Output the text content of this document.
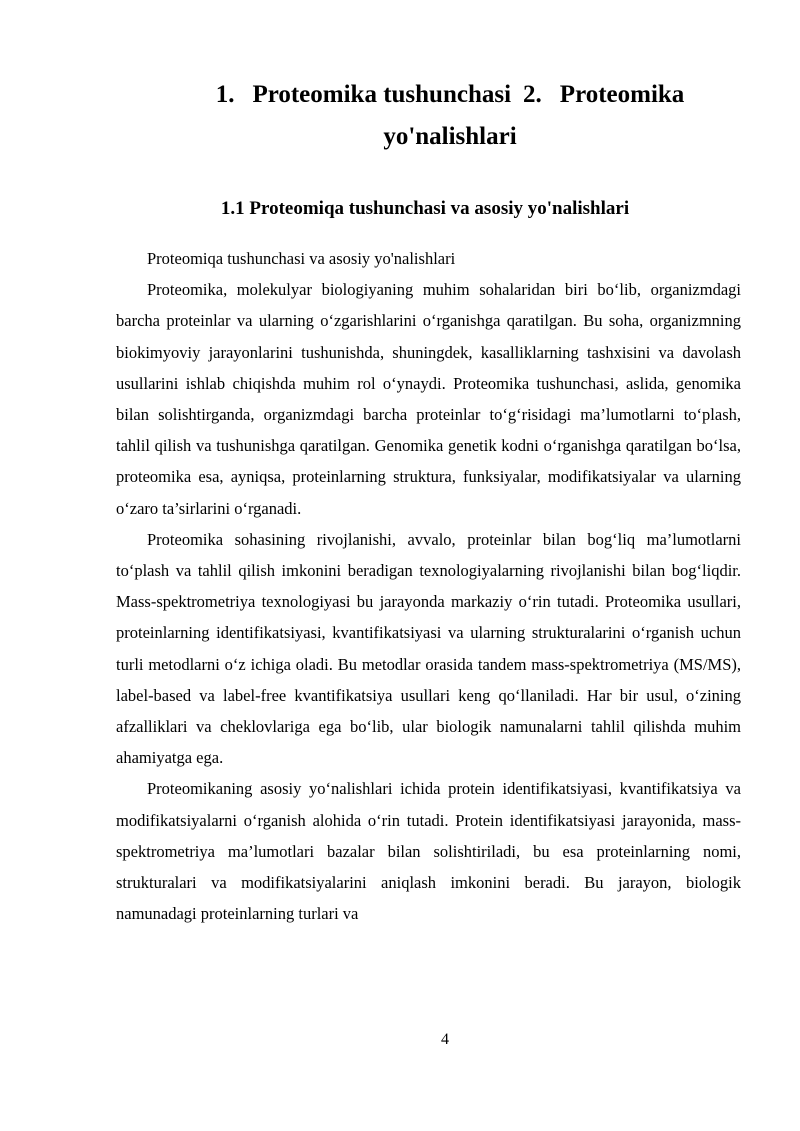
1. Proteomika tushunchasi 2. Proteomika
yo'nalishlari
1.1 Proteomiqa tushunchasi va asosiy yo'nalishlari

Proteomiqa tushunchasi va asosiy yo'nalishlari

Proteomika, molekulyar biologiyaning muhim sohalaridan biri bo‘lib, organizmdagi barcha proteinlar va ularning o‘zgarishlarini o‘rganishga qaratilgan. Bu soha, organizmning biokimyoviy jarayonlarini tushunishda, shuningdek, kasalliklarning tashxisini va davolash usullarini ishlab chiqishda muhim rol o‘ynaydi. Proteomika tushunchasi, aslida, genomika bilan solishtirganda, organizmdagi barcha proteinlar to‘g‘risidagi ma’lumotlarni to‘plash, tahlil qilish va tushunishga qaratilgan. Genomika genetik kodni o‘rganishga qaratilgan bo‘lsa, proteomika esa, ayniqsa, proteinlarning struktura, funksiyalar, modifikatsiyalar va ularning o‘zaro ta’sirlarini o‘rganadi.

Proteomika sohasining rivojlanishi, avvalo, proteinlar bilan bog‘liq ma’lumotlarni to‘plash va tahlil qilish imkonini beradigan texnologiyalarning rivojlanishi bilan bog‘liqdir. Mass-spektrometriya texnologiyasi bu jarayonda markaziy o‘rin tutadi. Proteomika usullari, proteinlarning identifikatsiyasi, kvantifikatsiyasi va ularning strukturalarini o‘rganish uchun turli metodlarni o‘z ichiga oladi. Bu metodlar orasida tandem mass-spektrometriya (MS/MS), label-based va label-free kvantifikatsiya usullari keng qo‘llaniladi. Har bir usul, o‘zining afzalliklari va cheklovlariga ega bo‘lib, ular biologik namunalarni tahlil qilishda muhim ahamiyatga ega.

Proteomikaning asosiy yo‘nalishlari ichida protein identifikatsiyasi, kvantifikatsiya va modifikatsiyalarni o‘rganish alohida o‘rin tutadi. Protein identifikatsiyasi jarayonida, mass-spektrometriya ma’lumotlari bazalar bilan solishtiriladi, bu esa proteinlarning nomi, strukturalari va modifikatsiyalarini aniqlash imkonini beradi. Bu jarayon, biologik namunadagi proteinlarning turlari va

4
